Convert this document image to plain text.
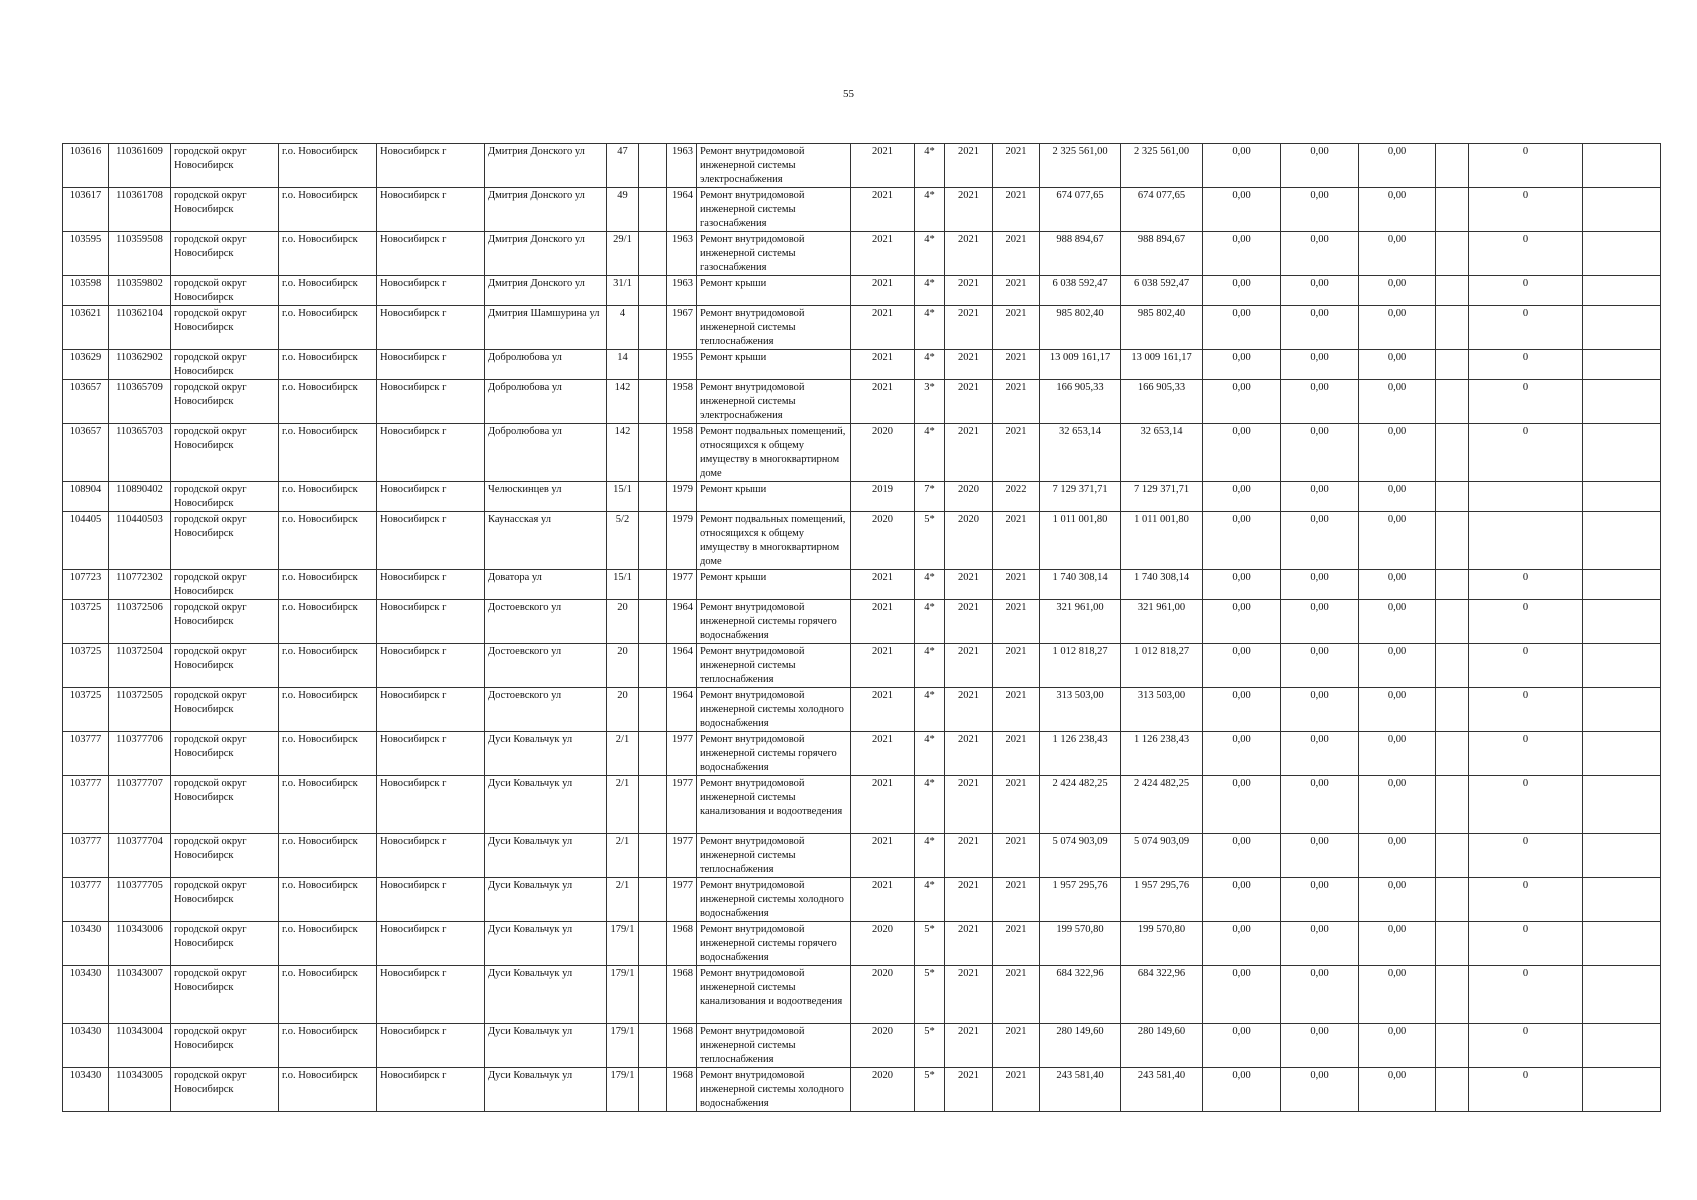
55
103616	110361609	городской округ Новосибирск	г.о. Новосибирск	Новосибирск г	Дмитрия Донского ул	47		1963	Ремонт внутридомовой инженерной системы электроснабжения	2021	4*	2021	2021	2 325 561,00	2 325 561,00	0,00	0,00	0,00		0	
103617	110361708	городской округ Новосибирск	г.о. Новосибирск	Новосибирск г	Дмитрия Донского ул	49		1964	Ремонт внутридомовой инженерной системы газоснабжения	2021	4*	2021	2021	674 077,65	674 077,65	0,00	0,00	0,00		0	
103595	110359508	городской округ Новосибирск	г.о. Новосибирск	Новосибирск г	Дмитрия Донского ул	29/1		1963	Ремонт внутридомовой инженерной системы газоснабжения	2021	4*	2021	2021	988 894,67	988 894,67	0,00	0,00	0,00		0	
103598	110359802	городской округ Новосибирск	г.о. Новосибирск	Новосибирск г	Дмитрия Донского ул	31/1		1963	Ремонт крыши	2021	4*	2021	2021	6 038 592,47	6 038 592,47	0,00	0,00	0,00		0	
103621	110362104	городской округ Новосибирск	г.о. Новосибирск	Новосибирск г	Дмитрия Шамшурина ул	4		1967	Ремонт внутридомовой инженерной системы теплоснабжения	2021	4*	2021	2021	985 802,40	985 802,40	0,00	0,00	0,00		0	
103629	110362902	городской округ Новосибирск	г.о. Новосибирск	Новосибирск г	Добролюбова ул	14		1955	Ремонт крыши	2021	4*	2021	2021	13 009 161,17	13 009 161,17	0,00	0,00	0,00		0	
103657	110365709	городской округ Новосибирск	г.о. Новосибирск	Новосибирск г	Добролюбова ул	142		1958	Ремонт внутридомовой инженерной системы электроснабжения	2021	3*	2021	2021	166 905,33	166 905,33	0,00	0,00	0,00		0	
103657	110365703	городской округ Новосибирск	г.о. Новосибирск	Новосибирск г	Добролюбова ул	142		1958	Ремонт подвальных помещений, относящихся к общему имуществу в многоквартирном доме	2020	4*	2021	2021	32 653,14	32 653,14	0,00	0,00	0,00		0	
108904	110890402	городской округ Новосибирск	г.о. Новосибирск	Новосибирск г	Челюскинцев ул	15/1		1979	Ремонт крыши	2019	7*	2020	2022	7 129 371,71	7 129 371,71	0,00	0,00	0,00			
104405	110440503	городской округ Новосибирск	г.о. Новосибирск	Новосибирск г	Каунасская ул	5/2		1979	Ремонт подвальных помещений, относящихся к общему имуществу в многоквартирном доме	2020	5*	2020	2021	1 011 001,80	1 011 001,80	0,00	0,00	0,00			
107723	110772302	городской округ Новосибирск	г.о. Новосибирск	Новосибирск г	Доватора ул	15/1		1977	Ремонт крыши	2021	4*	2021	2021	1 740 308,14	1 740 308,14	0,00	0,00	0,00		0	
103725	110372506	городской округ Новосибирск	г.о. Новосибирск	Новосибирск г	Достоевского ул	20		1964	Ремонт внутридомовой инженерной системы горячего водоснабжения	2021	4*	2021	2021	321 961,00	321 961,00	0,00	0,00	0,00		0	
103725	110372504	городской округ Новосибирск	г.о. Новосибирск	Новосибирск г	Достоевского ул	20		1964	Ремонт внутридомовой инженерной системы теплоснабжения	2021	4*	2021	2021	1 012 818,27	1 012 818,27	0,00	0,00	0,00		0	
103725	110372505	городской округ Новосибирск	г.о. Новосибирск	Новосибирск г	Достоевского ул	20		1964	Ремонт внутридомовой инженерной системы холодного водоснабжения	2021	4*	2021	2021	313 503,00	313 503,00	0,00	0,00	0,00		0	
103777	110377706	городской округ Новосибирск	г.о. Новосибирск	Новосибирск г	Дуси Ковальчук ул	2/1		1977	Ремонт внутридомовой инженерной системы горячего водоснабжения	2021	4*	2021	2021	1 126 238,43	1 126 238,43	0,00	0,00	0,00		0	
103777	110377707	городской округ Новосибирск	г.о. Новосибирск	Новосибирск г	Дуси Ковальчук ул	2/1		1977	Ремонт внутридомовой инженерной системы канализования и водоотведения	2021	4*	2021	2021	2 424 482,25	2 424 482,25	0,00	0,00	0,00		0	
103777	110377704	городской округ Новосибирск	г.о. Новосибирск	Новосибирск г	Дуси Ковальчук ул	2/1		1977	Ремонт внутридомовой инженерной системы теплоснабжения	2021	4*	2021	2021	5 074 903,09	5 074 903,09	0,00	0,00	0,00		0	
103777	110377705	городской округ Новосибирск	г.о. Новосибирск	Новосибирск г	Дуси Ковальчук ул	2/1		1977	Ремонт внутридомовой инженерной системы холодного водоснабжения	2021	4*	2021	2021	1 957 295,76	1 957 295,76	0,00	0,00	0,00		0	
103430	110343006	городской округ Новосибирск	г.о. Новосибирск	Новосибирск г	Дуси Ковальчук ул	179/1		1968	Ремонт внутридомовой инженерной системы горячего водоснабжения	2020	5*	2021	2021	199 570,80	199 570,80	0,00	0,00	0,00		0	
103430	110343007	городской округ Новосибирск	г.о. Новосибирск	Новосибирск г	Дуси Ковальчук ул	179/1		1968	Ремонт внутридомовой инженерной системы канализования и водоотведения	2020	5*	2021	2021	684 322,96	684 322,96	0,00	0,00	0,00		0	
103430	110343004	городской округ Новосибирск	г.о. Новосибирск	Новосибирск г	Дуси Ковальчук ул	179/1		1968	Ремонт внутридомовой инженерной системы теплоснабжения	2020	5*	2021	2021	280 149,60	280 149,60	0,00	0,00	0,00		0	
103430	110343005	городской округ Новосибирск	г.о. Новосибирск	Новосибирск г	Дуси Ковальчук ул	179/1		1968	Ремонт внутридомовой инженерной системы холодного водоснабжения	2020	5*	2021	2021	243 581,40	243 581,40	0,00	0,00	0,00		0	
